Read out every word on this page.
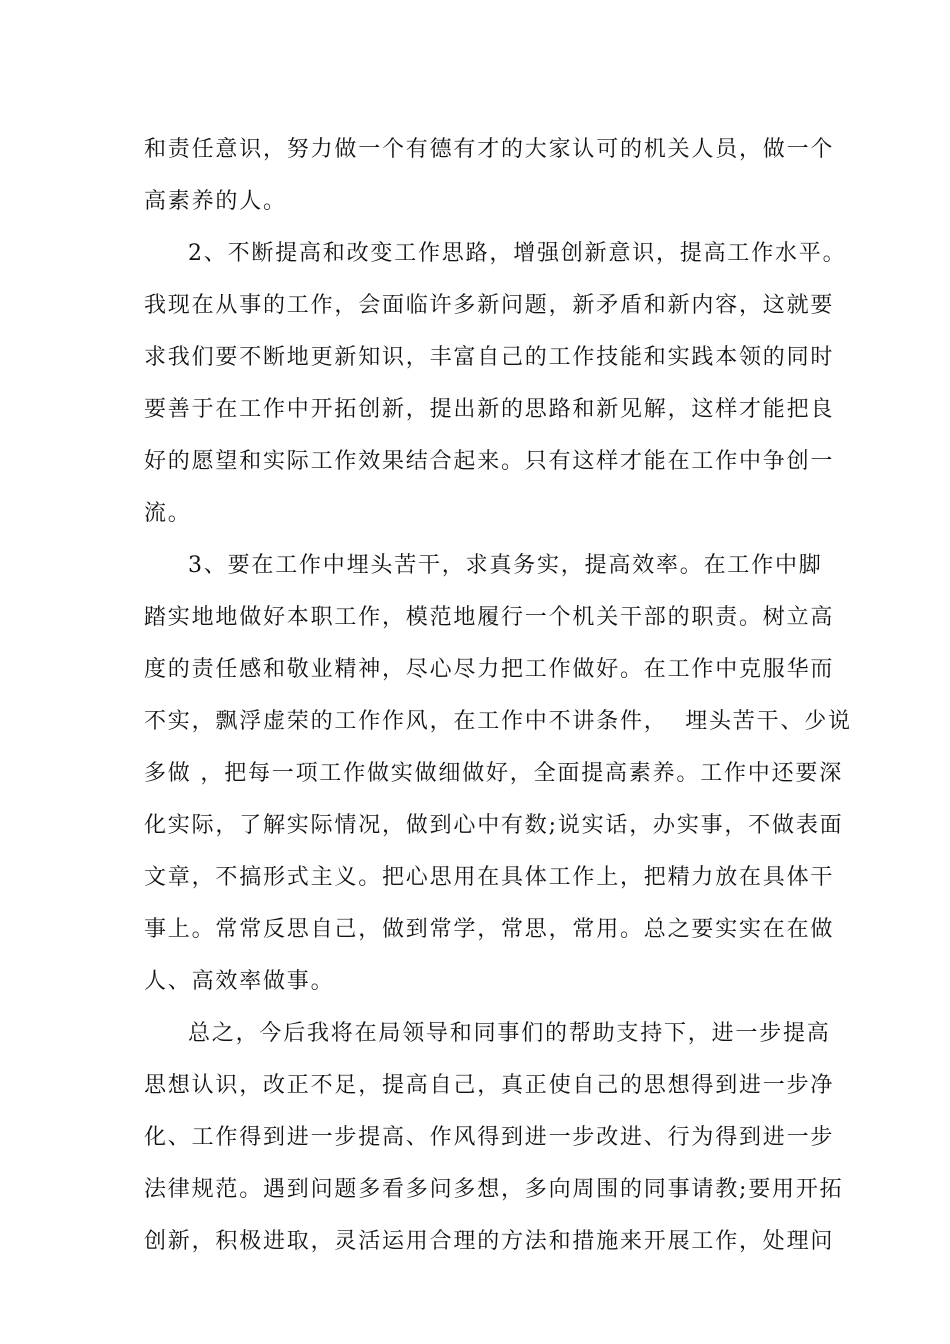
和责任意识，努力做一个有德有才的大家认可的机关人员，做一个
高素养的人。
2、不断提高和改变工作思路，增强创新意识，提高工作水平。
我现在从事的工作，会面临许多新问题，新矛盾和新内容，这就要
求我们要不断地更新知识，丰富自己的工作技能和实践本领的同时
要善于在工作中开拓创新，提出新的思路和新见解，这样才能把良
好的愿望和实际工作效果结合起来。只有这样才能在工作中争创一
流。
3、要在工作中埋头苦干，求真务实，提高效率。在工作中脚
踏实地地做好本职工作，模范地履行一个机关干部的职责。树立高
度的责任感和敬业精神，尽心尽力把工作做好。在工作中克服华而
不实，飘浮虚荣的工作作风，在工作中不讲条件，  埋头苦干、少说
多做 ，把每一项工作做实做细做好，全面提高素养。工作中还要深
化实际，了解实际情况，做到心中有数;说实话，办实事，不做表面
文章，不搞形式主义。把心思用在具体工作上，把精力放在具体干
事上。常常反思自己，做到常学，常思，常用。总之要实实在在做
人、高效率做事。
总之，今后我将在局领导和同事们的帮助支持下，进一步提高
思想认识，改正不足，提高自己，真正使自己的思想得到进一步净
化、工作得到进一步提高、作风得到进一步改进、行为得到进一步
法律规范。遇到问题多看多问多想，多向周围的同事请教;要用开拓
创新，积极进取，灵活运用合理的方法和措施来开展工作，处理问
